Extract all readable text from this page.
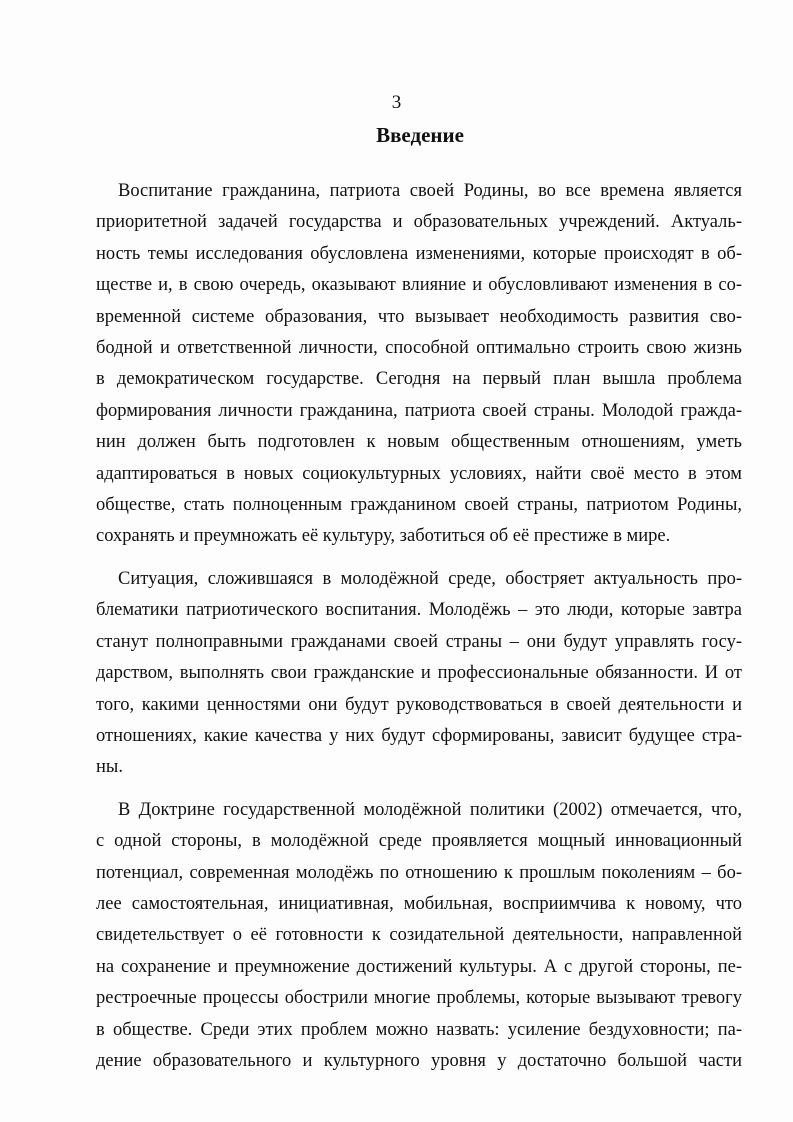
3
Введение

Воспитание гражданина, патриота своей Родины, во все времена является
приоритетной задачей государства и образовательных учреждений. Актуаль-
ность темы исследования обусловлена изменениями, которые происходят в об-
ществе и, в свою очередь, оказывают влияние и обусловливают изменения в со-
временной системе образования, что вызывает необходимость развития сво-
бодной и ответственной личности, способной оптимально строить свою жизнь
в демократическом государстве. Сегодня на первый план вышла проблема
формирования личности гражданина, патриота своей страны. Молодой гражда-
нин должен быть подготовлен к новым общественным отношениям, уметь
адаптироваться в новых социокультурных условиях, найти своё место в этом
обществе, стать полноценным гражданином своей страны, патриотом Родины,
сохранять и преумножать её культуру, заботиться об её престиже в мире.

Ситуация, сложившаяся в молодёжной среде, обостряет актуальность про-
блематики патриотического воспитания. Молодёжь – это люди, которые завтра
станут полноправными гражданами своей страны – они будут управлять госу-
дарством, выполнять свои гражданские и профессиональные обязанности. И от
того, какими ценностями они будут руководствоваться в своей деятельности и
отношениях, какие качества у них будут сформированы, зависит будущее стра-
ны.

В Доктрине государственной молодёжной политики (2002) отмечается, что,
с одной стороны, в молодёжной среде проявляется мощный инновационный
потенциал, современная молодёжь по отношению к прошлым поколениям – бо-
лее самостоятельная, инициативная, мобильная, восприимчива к новому, что
свидетельствует о её готовности к созидательной деятельности, направленной
на сохранение и преумножение достижений культуры. А с другой стороны, пе-
рестроечные процессы обострили многие проблемы, которые вызывают тревогу
в обществе. Среди этих проблем можно назвать: усиление бездуховности; па-
дение образовательного и культурного уровня у достаточно большой части
